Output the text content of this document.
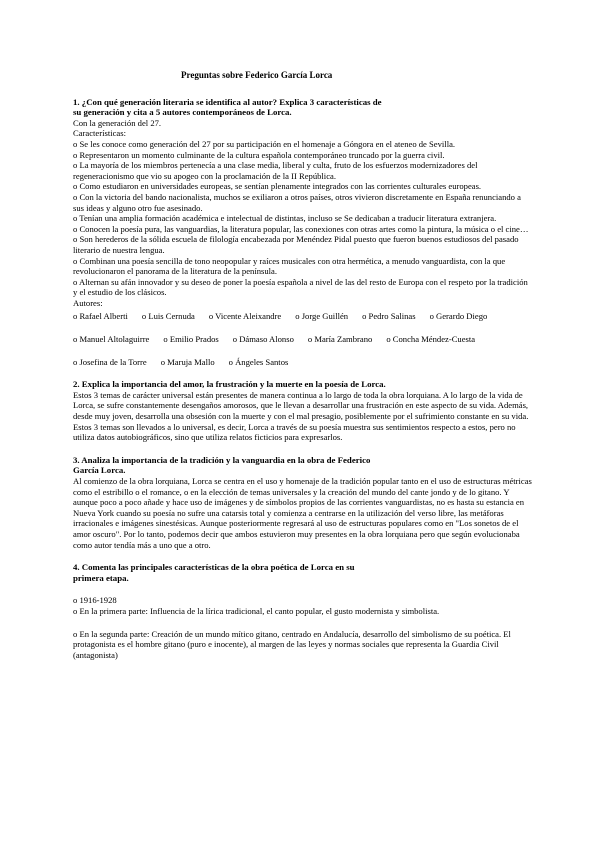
Preguntas sobre Federico García Lorca
1. ¿Con qué generación literaria se identifica al autor? Explica 3 características de
su generación y cita a 5 autores contemporáneos de Lorca.
Con la generación del 27.
Características:
o Se les conoce como generación del 27 por su participación en el homenaje a Góngora en el ateneo de Sevilla.
o Representaron un momento culminante de la cultura española contemporáneo truncado por la guerra civil.
o La mayoría de los miembros pertenecía a una clase media, liberal y culta, fruto de los esfuerzos modernizadores del regeneracionismo que vio su apogeo con la proclamación de la II República.
o Como estudiaron en universidades europeas, se sentían plenamente integrados con las corrientes culturales europeas.
o Con la victoria del bando nacionalista, muchos se exiliaron a otros países, otros vivieron discretamente en España renunciando a sus ideas y alguno otro fue asesinado.
o Tenían una amplia formación académica e intelectual de distintas, incluso se Se dedicaban a traducir literatura extranjera.
o Conocen la poesía pura, las vanguardias, la literatura popular, las conexiones con otras artes como la pintura, la música o el cine…
o Son herederos de la sólida escuela de filología encabezada por Menéndez Pidal puesto que fueron buenos estudiosos del pasado literario de nuestra lengua.
o Combinan una poesía sencilla de tono neopopular y raíces musicales con otra hermética, a menudo vanguardista, con la que revolucionaron el panorama de la literatura de la península.
o Alternan su afán innovador y su deseo de poner la poesía española a nivel de las del resto de Europa con el respeto por la tradición y el estudio de los clásicos.
Autores:
o Rafael Alberti o Luis Cernuda o Vicente Aleixandre o Jorge Guillén o Pedro Salinas o Gerardo Diego
o Manuel Altolaguirre o Emilio Prados o Dámaso Alonso o María Zambrano o Concha Méndez-Cuesta
o Josefina de la Torre o Maruja Mallo o Ángeles Santos
2. Explica la importancia del amor, la frustración y la muerte en la poesía de Lorca.

Estos 3 temas de carácter universal están presentes de manera continua a lo largo de toda la obra lorquiana. A lo largo de la vida de Lorca, se sufre constantemente desengaños amorosos, que le llevan a desarrollar una frustración en este aspecto de su vida. Además, desde muy joven, desarrolla una obsesión con la muerte y con el mal presagio, posiblemente por el sufrimiento constante en su vida. Estos 3 temas son llevados a lo universal, es decir, Lorca a través de su poesía muestra sus sentimientos respecto a estos, pero no utiliza datos autobiográficos, sino que utiliza relatos ficticios para expresarlos.

3. Analiza la importancia de la tradición y la vanguardia en la obra de Federico
García Lorca.

Al comienzo de la obra lorquiana, Lorca se centra en el uso y homenaje de la tradición popular tanto en el uso de estructuras métricas como el estribillo o el romance, o en la elección de temas universales y la creación del mundo del cante jondo y de lo gitano. Y aunque poco a poco añade y hace uso de imágenes y de símbolos propios de las corrientes vanguardistas, no es hasta su estancia en Nueva York cuando su poesía no sufre una catarsis total y comienza a centrarse en la utilización del verso libre, las metáforas irracionales e imágenes sinestésicas. Aunque posteriormente regresará al uso de estructuras populares como en "Los sonetos de el amor oscuro". Por lo tanto, podemos decir que ambos estuvieron muy presentes en la obra lorquiana pero que según evolucionaba como autor tendía más a uno que a otro.

4. Comenta las principales características de la obra poética de Lorca en su
primera etapa.
o 1916-1928
o En la primera parte: Influencia de la lírica tradicional, el canto popular, el gusto modernista y simbolista.
o En la segunda parte: Creación de un mundo mítico gitano, centrado en Andalucía, desarrollo del simbolismo de su poética. El protagonista es el hombre gitano (puro e inocente), al margen de las leyes y normas sociales que representa la Guardia Civil (antagonista)
